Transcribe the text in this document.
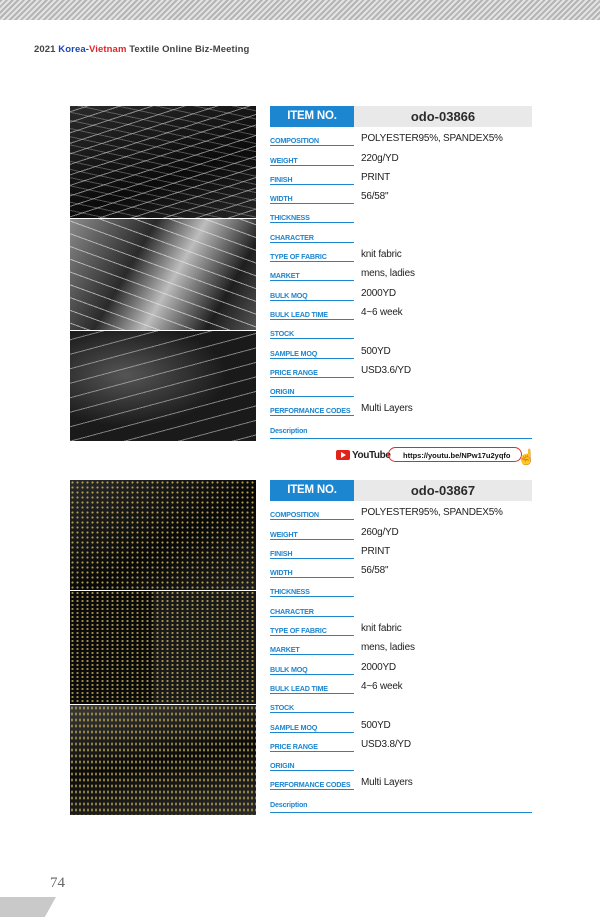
2021 Korea-Vietnam Textile Online Biz-Meeting
ITEM NO.	odo-03866
COMPOSITION	POLYESTER95%, SPANDEX5%
WEIGHT	220g/YD
FINISH	PRINT
WIDTH	56/58"
THICKNESS
CHARACTER
TYPE OF FABRIC	knit fabric
MARKET	mens, ladies
BULK MOQ	2000YD
BULK LEAD TIME	4~6 week
STOCK
SAMPLE MOQ	500YD
PRICE RANGE	USD3.6/YD
ORIGIN
PERFORMANCE CODES Multi Layers
Description
YouTube	https://youtu.be/NPw17u2yqfo ☝
ITEM NO.	odo-03867
COMPOSITION	POLYESTER95%, SPANDEX5%
WEIGHT	260g/YD
FINISH	PRINT
WIDTH	56/58"
THICKNESS
CHARACTER
TYPE OF FABRIC	knit fabric
MARKET	mens, ladies
BULK MOQ	2000YD
BULK LEAD TIME	4~6 week
STOCK
SAMPLE MOQ	500YD
PRICE RANGE	USD3.8/YD
ORIGIN
PERFORMANCE CODES Multi Layers
Description
74
